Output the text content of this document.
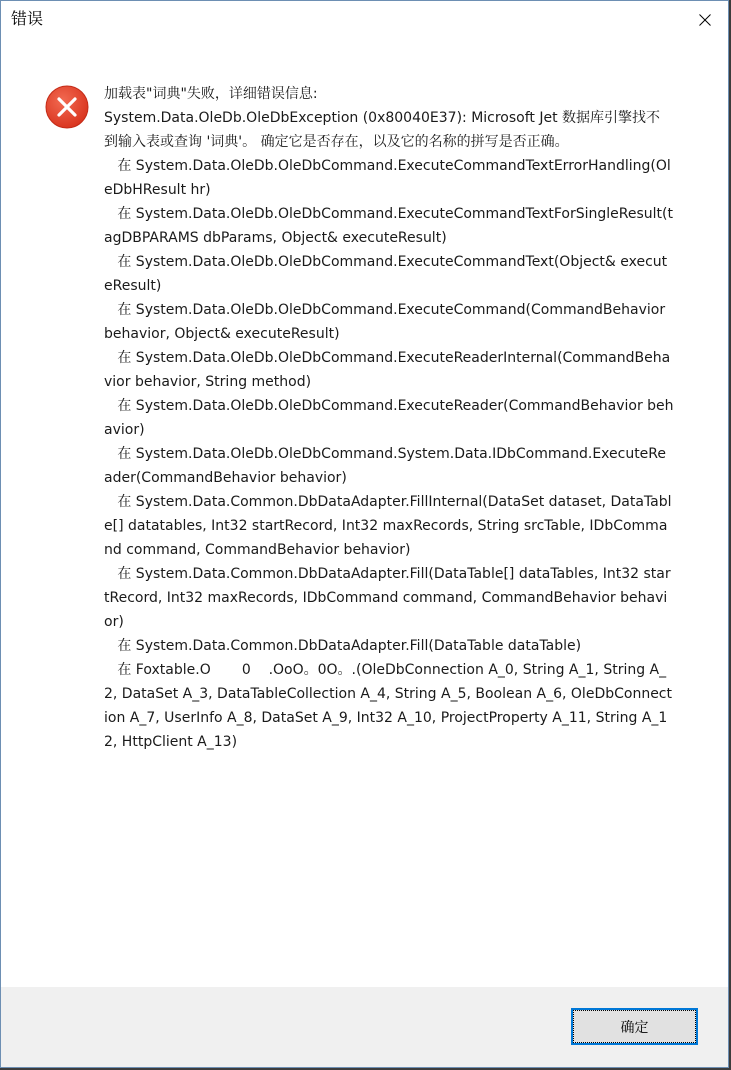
错误
加载表"词典"失败，详细错误信息:
System.Data.OleDb.OleDbException (0x80040E37): Microsoft Jet 数据库引擎找不到输入表或查询 '词典'。 确定它是否存在，以及它的名称的拼写是否正确。
在 System.Data.OleDb.OleDbCommand.ExecuteCommandTextErrorHandling(OleDbHResult hr)
在 System.Data.OleDb.OleDbCommand.ExecuteCommandTextForSingleResult(tagDBPARAMS dbParams, Object& executeResult)
在 System.Data.OleDb.OleDbCommand.ExecuteCommandText(Object& executeResult)
在 System.Data.OleDb.OleDbCommand.ExecuteCommand(CommandBehavior behavior, Object& executeResult)
在 System.Data.OleDb.OleDbCommand.ExecuteReaderInternal(CommandBehavior behavior, String method)
在 System.Data.OleDb.OleDbCommand.ExecuteReader(CommandBehavior behavior)
在 System.Data.OleDb.OleDbCommand.System.Data.IDbCommand.ExecuteReader(CommandBehavior behavior)
在 System.Data.Common.DbDataAdapter.FillInternal(DataSet dataset, DataTable[] datatables, Int32 startRecord, Int32 maxRecords, String srcTable, IDbCommand command, CommandBehavior behavior)
在 System.Data.Common.DbDataAdapter.Fill(DataTable[] dataTables, Int32 startRecord, Int32 maxRecords, IDbCommand command, CommandBehavior behavior)
在 System.Data.Common.DbDataAdapter.Fill(DataTable dataTable)
在 Foxtable.O       0    .OoO。0O。.(OleDbConnection A_0, String A_1, String A_2, DataSet A_3, DataTableCollection A_4, String A_5, Boolean A_6, OleDbConnection A_7, UserInfo A_8, DataSet A_9, Int32 A_10, ProjectProperty A_11, String A_12, HttpClient A_13)
确定
